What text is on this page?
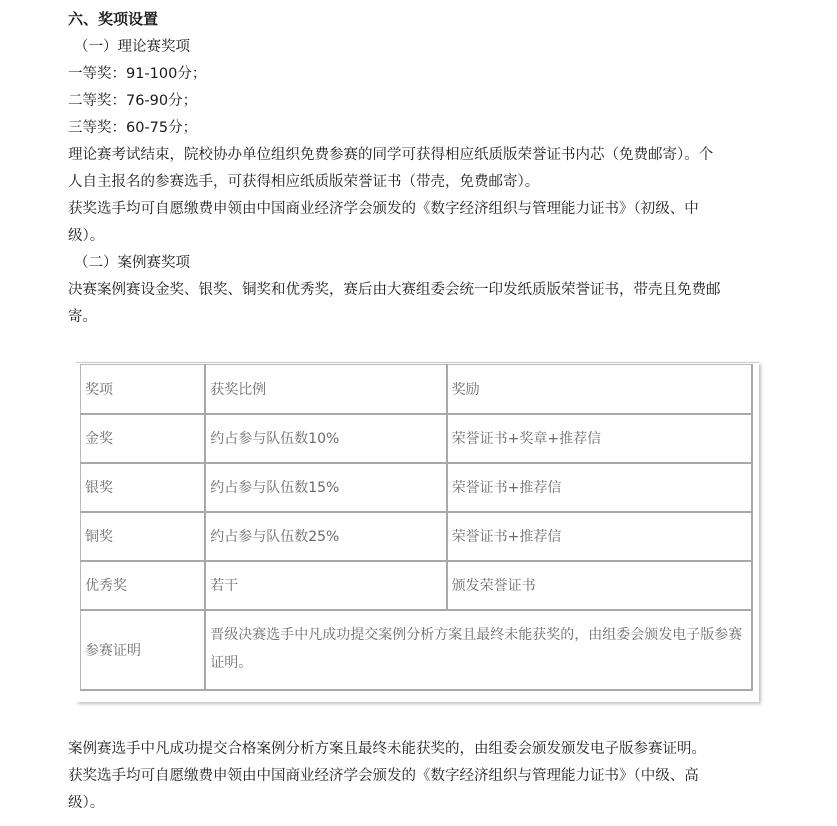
六、奖项设置
（一）理论赛奖项
一等奖：91-100分；
二等奖：76-90分；
三等奖：60-75分；
理论赛考试结束，院校协办单位组织免费参赛的同学可获得相应纸质版荣誉证书内芯（免费邮寄）。个
人自主报名的参赛选手，可获得相应纸质版荣誉证书（带壳，免费邮寄）。
获奖选手均可自愿缴费申领由中国商业经济学会颁发的《数字经济组织与管理能力证书》（初级、中
级）。
（二）案例赛奖项
决赛案例赛设金奖、银奖、铜奖和优秀奖，赛后由大赛组委会统一印发纸质版荣誉证书，带壳且免费邮
寄。
奖项	获奖比例	奖励
金奖	约占参与队伍数10%	荣誉证书+奖章+推荐信
银奖	约占参与队伍数15%	荣誉证书+推荐信
铜奖	约占参与队伍数25%	荣誉证书+推荐信
优秀奖	若干	颁发荣誉证书
参赛证明	晋级决赛选手中凡成功提交案例分析方案且最终未能获奖的，由组委会颁发电子版参赛证明。	
案例赛选手中凡成功提交合格案例分析方案且最终未能获奖的，由组委会颁发颁发电子版参赛证明。
获奖选手均可自愿缴费申领由中国商业经济学会颁发的《数字经济组织与管理能力证书》（中级、高
级）。
